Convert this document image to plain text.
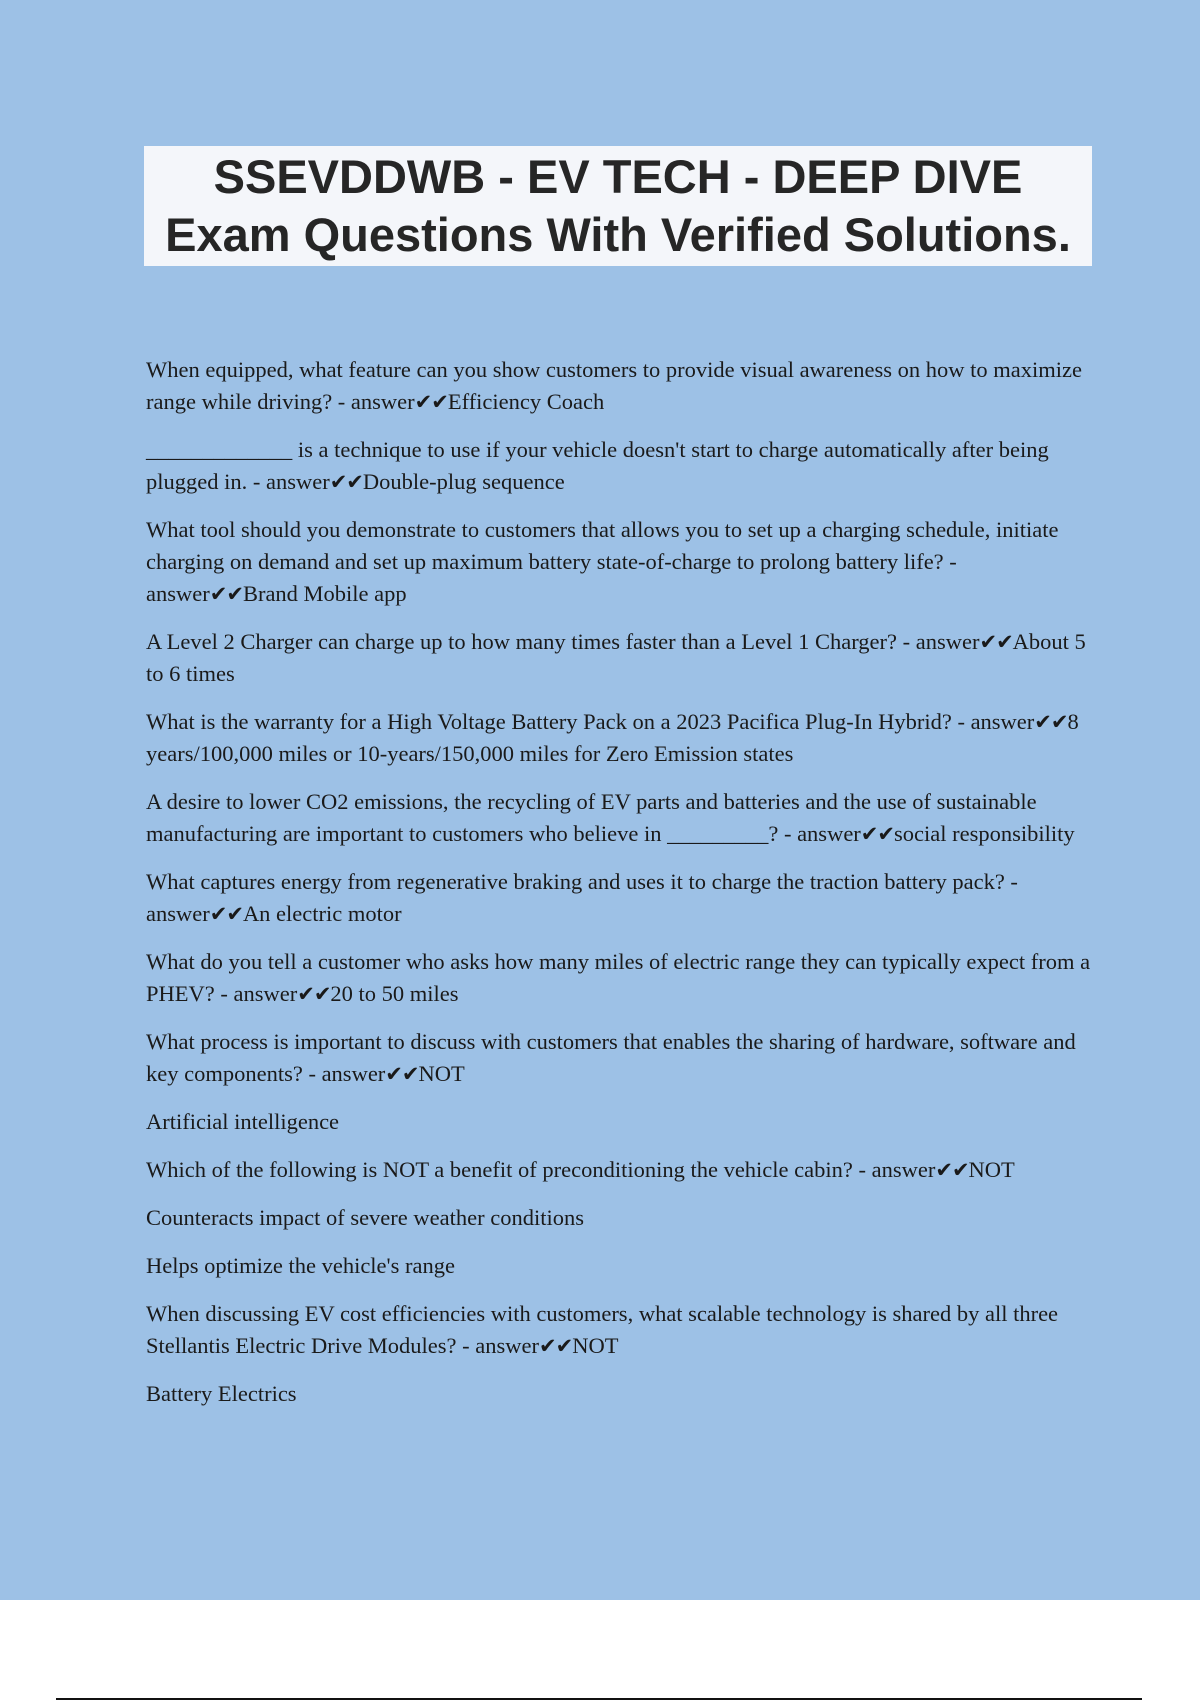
SSEVDDWB - EV TECH - DEEP DIVE
Exam Questions With Verified Solutions.

When equipped, what feature can you show customers to provide visual awareness on how to maximize range while driving? - answer✔✔Efficiency Coach

_____________ is a technique to use if your vehicle doesn't start to charge automatically after being plugged in. - answer✔✔Double-plug sequence

What tool should you demonstrate to customers that allows you to set up a charging schedule, initiate charging on demand and set up maximum battery state-of-charge to prolong battery life? - answer✔✔Brand Mobile app

A Level 2 Charger can charge up to how many times faster than a Level 1 Charger? - answer✔✔About 5 to 6 times

What is the warranty for a High Voltage Battery Pack on a 2023 Pacifica Plug-In Hybrid? - answer✔✔8 years/100,000 miles or 10-years/150,000 miles for Zero Emission states

A desire to lower CO2 emissions, the recycling of EV parts and batteries and the use of sustainable manufacturing are important to customers who believe in _________? - answer✔✔social responsibility

What captures energy from regenerative braking and uses it to charge the traction battery pack? - answer✔✔An electric motor

What do you tell a customer who asks how many miles of electric range they can typically expect from a PHEV? - answer✔✔20 to 50 miles

What process is important to discuss with customers that enables the sharing of hardware, software and key components? - answer✔✔NOT

Artificial intelligence

Which of the following is NOT a benefit of preconditioning the vehicle cabin? - answer✔✔NOT

Counteracts impact of severe weather conditions

Helps optimize the vehicle's range

When discussing EV cost efficiencies with customers, what scalable technology is shared by all three Stellantis Electric Drive Modules? - answer✔✔NOT

Battery Electrics
